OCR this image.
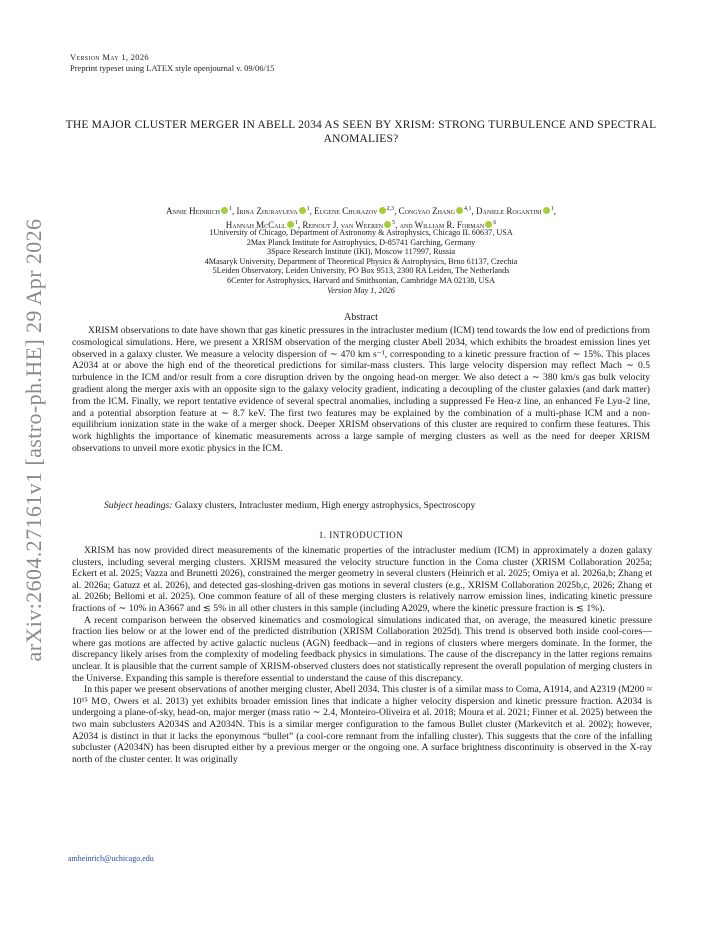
arXiv:2604.27161v1 [astro-ph.HE] 29 Apr 2026
Version May 1, 2026
Preprint typeset using LATEX style openjournal v. 09/06/15
THE MAJOR CLUSTER MERGER IN ABELL 2034 AS SEEN BY XRISM: STRONG TURBULENCE AND SPECTRAL ANOMALIES?
Annie Heinrich $^1$, Irina Zhuravleva $^1$, Eugene Churazov $^{2,3}$, Congyao Zhang $^{4,1}$, Daniele Rogantini $^1$,
Hannah McCall $^1$, Reinout J. van Weeren $^5$, and William R. Forman $^6$
1University of Chicago, Department of Astronomy & Astrophysics, Chicago IL 60637, USA
2Max Planck Institute for Astrophysics, D-85741 Garching, Germany
3Space Research Institute (IKI), Moscow 117997, Russia
4Masaryk University, Department of Theoretical Physics & Astrophysics, Brno 61137, Czechia
5Leiden Observatory, Leiden University, PO Box 9513, 2300 RA Leiden, The Netherlands
6Center for Astrophysics, Harvard and Smithsonian, Cambridge MA 02138, USA
Version May 1, 2026
Abstract
XRISM observations to date have shown that gas kinetic pressures in the intracluster medium (ICM) tend towards the low end of predictions from cosmological simulations. Here, we present a XRISM observation of the merging cluster Abell 2034, which exhibits the broadest emission lines yet observed in a galaxy cluster. We measure a velocity dispersion of ∼ 470 km s⁻¹, corresponding to a kinetic pressure fraction of ∼ 15%. This places A2034 at or above the high end of the theoretical predictions for similar-mass clusters. This large velocity dispersion may reflect Mach ∼ 0.5 turbulence in the ICM and/or result from a core disruption driven by the ongoing head-on merger. We also detect a ∼ 380 km/s gas bulk velocity gradient along the merger axis with an opposite sign to the galaxy velocity gradient, indicating a decoupling of the cluster galaxies (and dark matter) from the ICM. Finally, we report tentative evidence of several spectral anomalies, including a suppressed Fe Heα-z line, an enhanced Fe Lyα-2 line, and a potential absorption feature at ∼ 8.7 keV. The first two features may be explained by the combination of a multi-phase ICM and a non-equilibrium ionization state in the wake of a merger shock. Deeper XRISM observations of this cluster are required to confirm these features. This work highlights the importance of kinematic measurements across a large sample of merging clusters as well as the need for deeper XRISM observations to unveil more exotic physics in the ICM.
Subject headings: Galaxy clusters, Intracluster medium, High energy astrophysics, Spectroscopy
1. INTRODUCTION

XRISM has now provided direct measurements of the kinematic properties of the intracluster medium (ICM) in approximately a dozen galaxy clusters, including several merging clusters. XRISM measured the velocity structure function in the Coma cluster (XRISM Collaboration 2025a; Eckert et al. 2025; Vazza and Brunetti 2026), constrained the merger geometry in several clusters (Heinrich et al. 2025; Omiya et al. 2026a,b; Zhang et al. 2026a; Gatuzz et al. 2026), and detected gas-sloshing-driven gas motions in several clusters (e.g., XRISM Collaboration 2025b,c, 2026; Zhang et al. 2026b; Bellomi et al. 2025). One common feature of all of these merging clusters is relatively narrow emission lines, indicating kinetic pressure fractions of ∼ 10% in A3667 and ≲ 5% in all other clusters in this sample (including A2029, where the kinetic pressure fraction is ≲ 1%).

A recent comparison between the observed kinematics and cosmological simulations indicated that, on average, the measured kinetic pressure fraction lies below or at the lower end of the predicted distribution (XRISM Collaboration 2025d). This trend is observed both inside cool-cores—where gas motions are affected by active galactic nucleus (AGN) feedback—and in regions of clusters where mergers dominate. In the former, the discrepancy likely arises from the complexity of modeling feedback physics in simulations. The cause of the discrepancy in the latter regions remains unclear. It is plausible that the current sample of XRISM-observed clusters does not statistically represent the overall population of merging clusters in the Universe. Expanding this sample is therefore essential to understand the cause of this discrepancy.

In this paper we present observations of another merging cluster, Abell 2034. This cluster is of a similar mass to Coma, A1914, and A2319 (M200 ≈ 10¹⁵ M⊙, Owers et al. 2013) yet exhibits broader emission lines that indicate a higher velocity dispersion and kinetic pressure fraction. A2034 is undergoing a plane-of-sky, head-on, major merger (mass ratio ∼ 2.4, Monteiro-Oliveira et al. 2018; Moura et al. 2021; Finner et al. 2025) between the two main subclusters A2034S and A2034N. This is a similar merger configuration to the famous Bullet cluster (Markevitch et al. 2002); however, A2034 is distinct in that it lacks the eponymous “bullet” (a cool-core remnant from the infalling cluster). This suggests that the core of the infalling subcluster (A2034N) has been disrupted either by a previous merger or the ongoing one. A surface brightness discontinuity is observed in the X-ray north of the cluster center. It was originally

amheinrich@uchicago.edu
